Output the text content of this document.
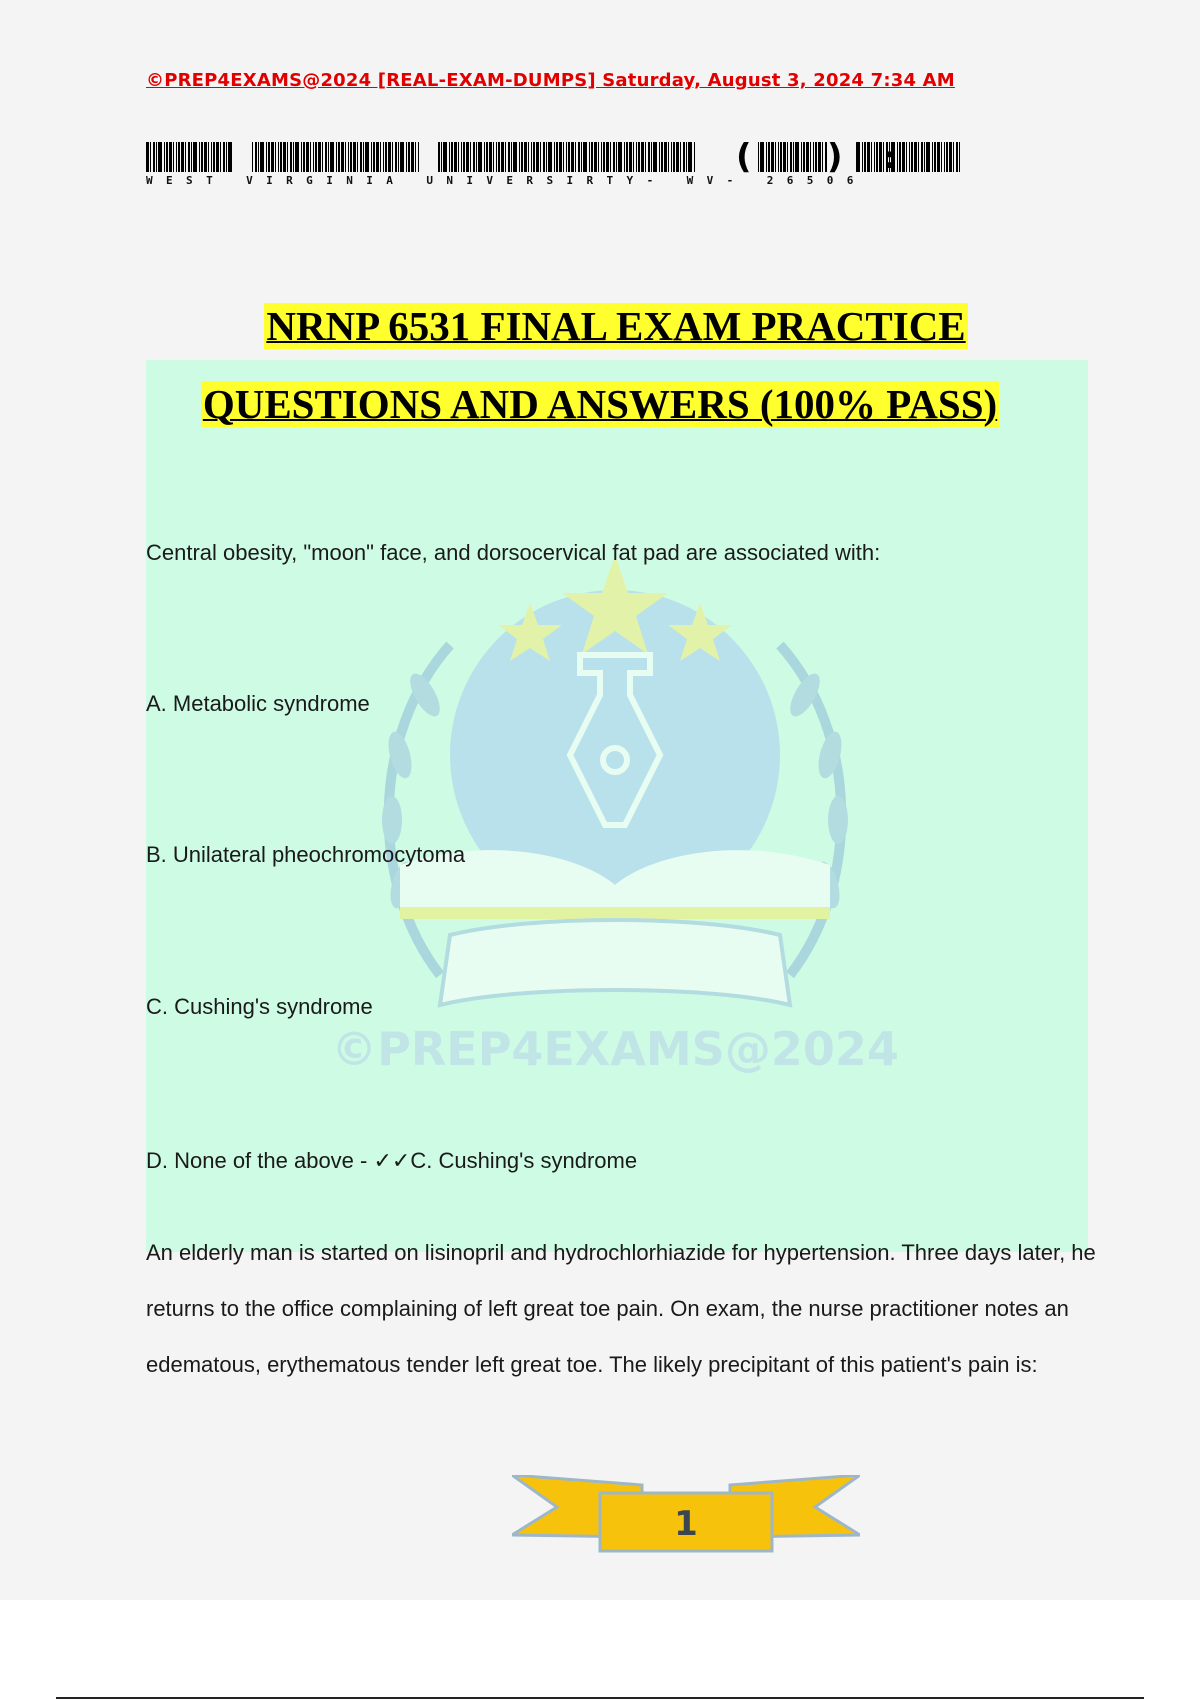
©PREP4EXAMS@2024 [REAL-EXAM-DUMPS] Saturday, August 3, 2024 7:34 AM
( ) :
WEST VIRGINIA UNIVERSIRTY- WV- 26506
NRNP 6531 FINAL EXAM PRACTICE
QUESTIONS AND ANSWERS (100% PASS)
©PREP4EXAMS@2024
Central obesity, "moon" face, and dorsocervical fat pad are associated with:
A. Metabolic syndrome
B. Unilateral pheochromocytoma
C. Cushing's syndrome
D. None of the above - ✓✓C. Cushing's syndrome
An elderly man is started on lisinopril and hydrochlorhiazide for hypertension. Three days later, he returns to the office complaining of left great toe pain. On exam, the nurse practitioner notes an edematous, erythematous tender left great toe. The likely precipitant of this patient's pain is:
1
